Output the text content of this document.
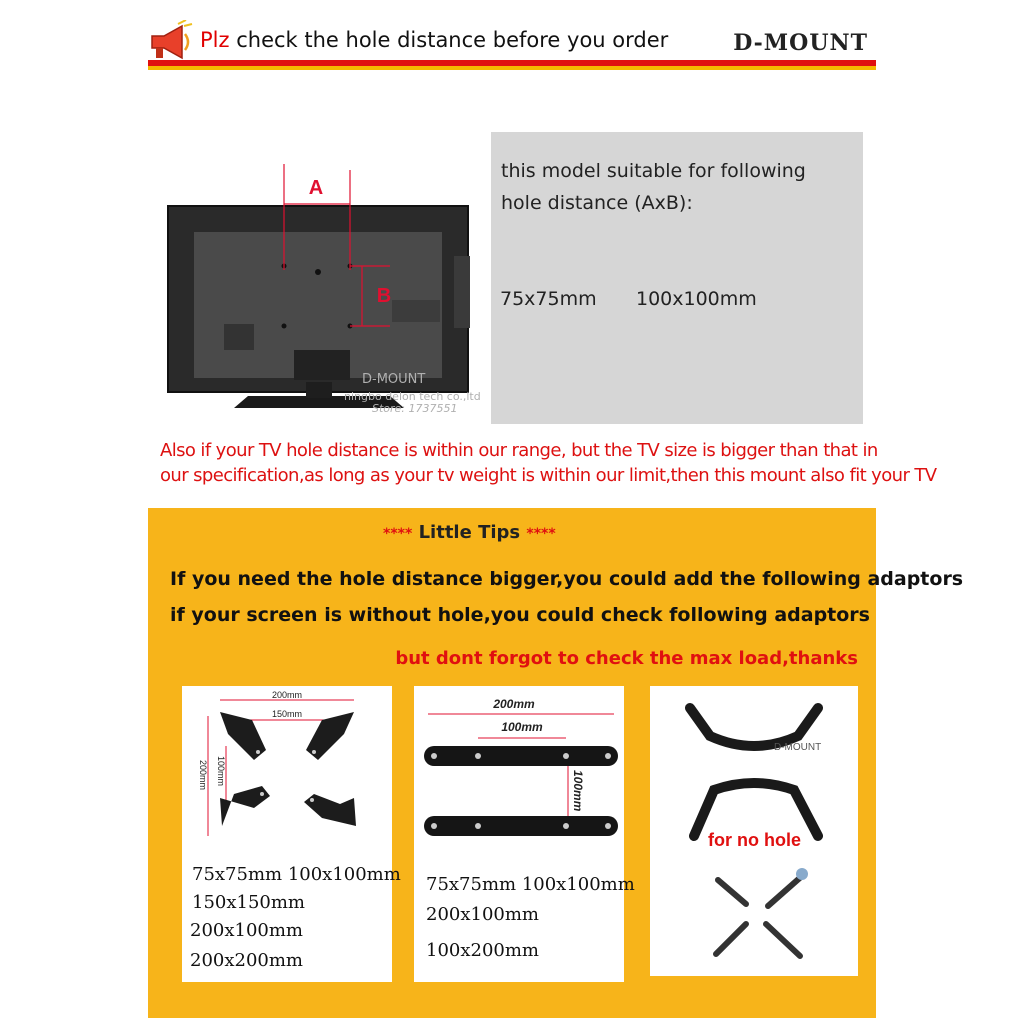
Plz check the hole distance before you order	D-MOUNT
this model suitable for following
hole distance (AxB):
75x75mm 100x100mm
A
B
D-MOUNT
ningbo delon tech co.,ltd
Store: 1737551
Also if your TV hole distance is within our range, but the TV size is bigger than that in
our specification,as long as your tv weight is within our limit,then this mount also fit your TV
**** Little Tips ****
If you need the hole distance bigger,you could add the following adaptors
if your screen is without hole,you could check following adaptors
but dont forgot to check the max load,thanks
200mm
150mm
200mm 100mm
75x75mm 100x100mm
150x150mm
200x100mm
200x200mm
200mm
100mm
100mm
75x75mm 100x100mm
200x100mm
100x200mm
D-MOUNT
for no hole
